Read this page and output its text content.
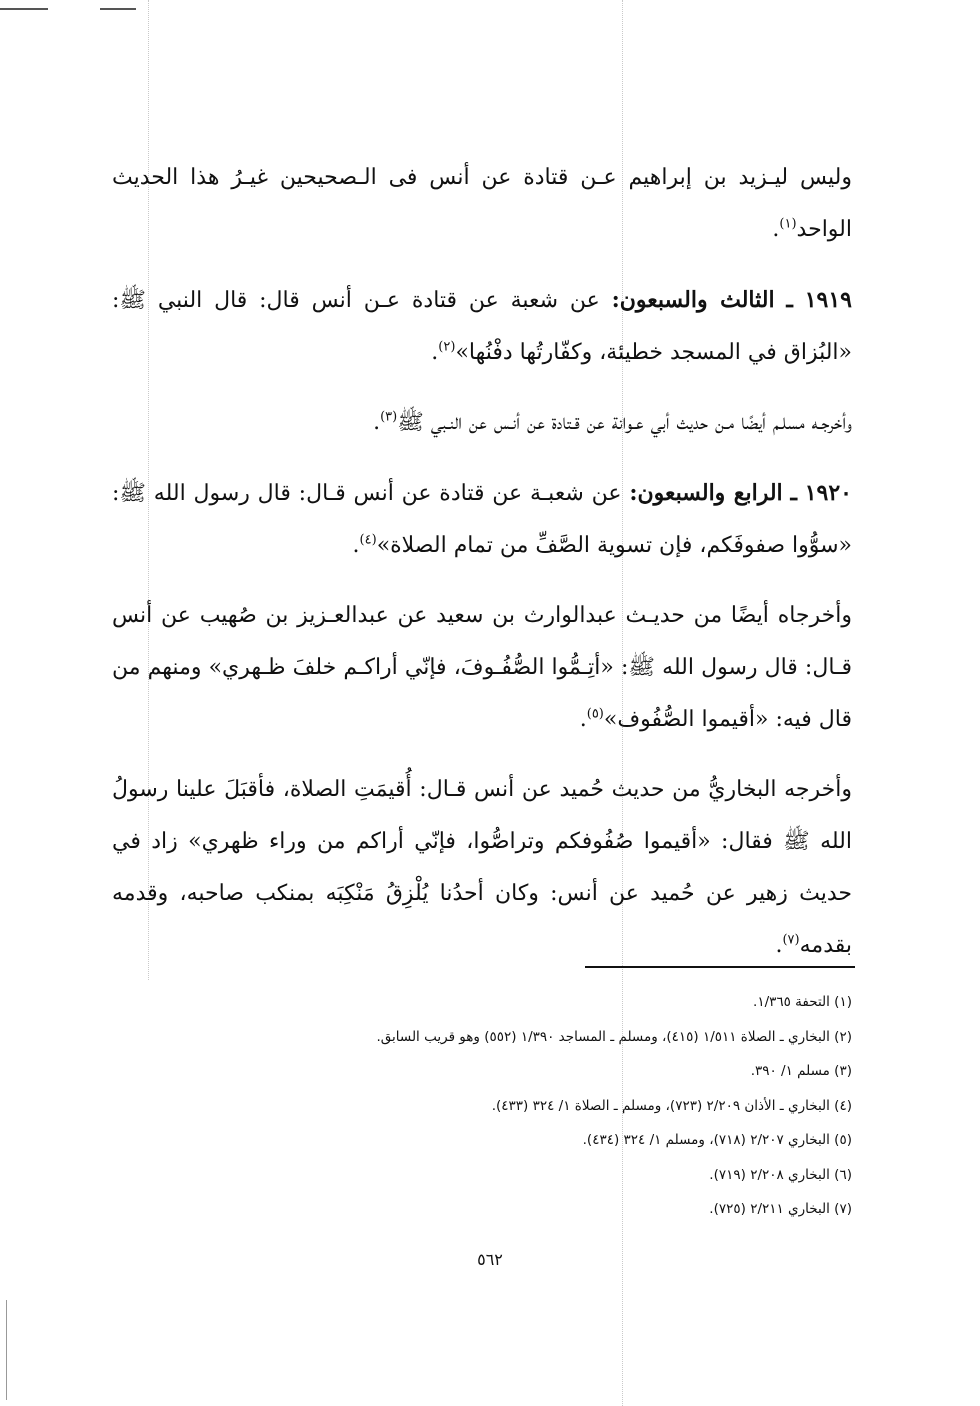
وليس ليـزيد بن إبراهيم عـن قتادة عن أنس فى الـصحيحين غيـرُ هذا الحديث الواحد$^{(١)}$.

١٩١٩ ـ الثالث والسبعون: عن شعبة عن قتادة عـن أنس قال: قال النبي ﷺ: «البُزاق في المسجد خطيئة، وكفّارتُها دفْنُها»$^{(٢)}$.

وأخرجـه مسلـم أيضًا مـن حديث أبي عـوانة عن قـتادة عن أنـس عن النـبي ﷺ$^{(٣)}$.

١٩٢٠ ـ الرابع والسبعون: عن شعبـة عن قتادة عن أنس قـال: قال رسول الله ﷺ: «سوُّوا صفوفَكم، فإن تسوية الصَّفِّ من تمام الصلاة»$^{(٤)}$.

وأخرجاه أيضًا من حديـث عبدالوارث بن سعيد عن عبدالعـزيز بن صُهيب عن أنس قـال: قال رسول الله ﷺ: «أتِـمُّوا الصُّفُـوفَ، فإنّي أراكـم خلفَ ظـهري» ومنهم من قال فيه: «أقيموا الصُّفُوف»$^{(٥)}$.

وأخرجه البخاريُّ من حديث حُميد عن أنس قـال: أُقيمَتِ الصلاة، فأقبَلَ علينا رسولُ الله ﷺ فقال: «أقيموا صُفُوفكم وتراصُّوا، فإنّي أراكم من وراء ظهري» زاد في حديث زهير عن حُميد عن أنس: وكان أحدُنا يُلْزِقُ مَنْكِبَه بمنكب صاحبه، وقدمه بقدمه$^{(٧)}$.

(١) التحفة ١/٣٦٥.
(٢) البخاري ـ الصلاة ١/٥١١ (٤١٥)، ومسلم ـ المساجد ١/٣٩٠ (٥٥٢) وهو قريب السابق.
(٣) مسلم ١/ ٣٩٠.
(٤) البخاري ـ الأذان ٢/٢٠٩ (٧٢٣)، ومسلم ـ الصلاة ١/ ٣٢٤ (٤٣٣).
(٥) البخاري ٢/٢٠٧ (٧١٨)، ومسلم ١/ ٣٢٤ (٤٣٤).
(٦) البخاري ٢/٢٠٨ (٧١٩).
(٧) البخاري ٢/٢١١ (٧٢٥).
٥٦٢
